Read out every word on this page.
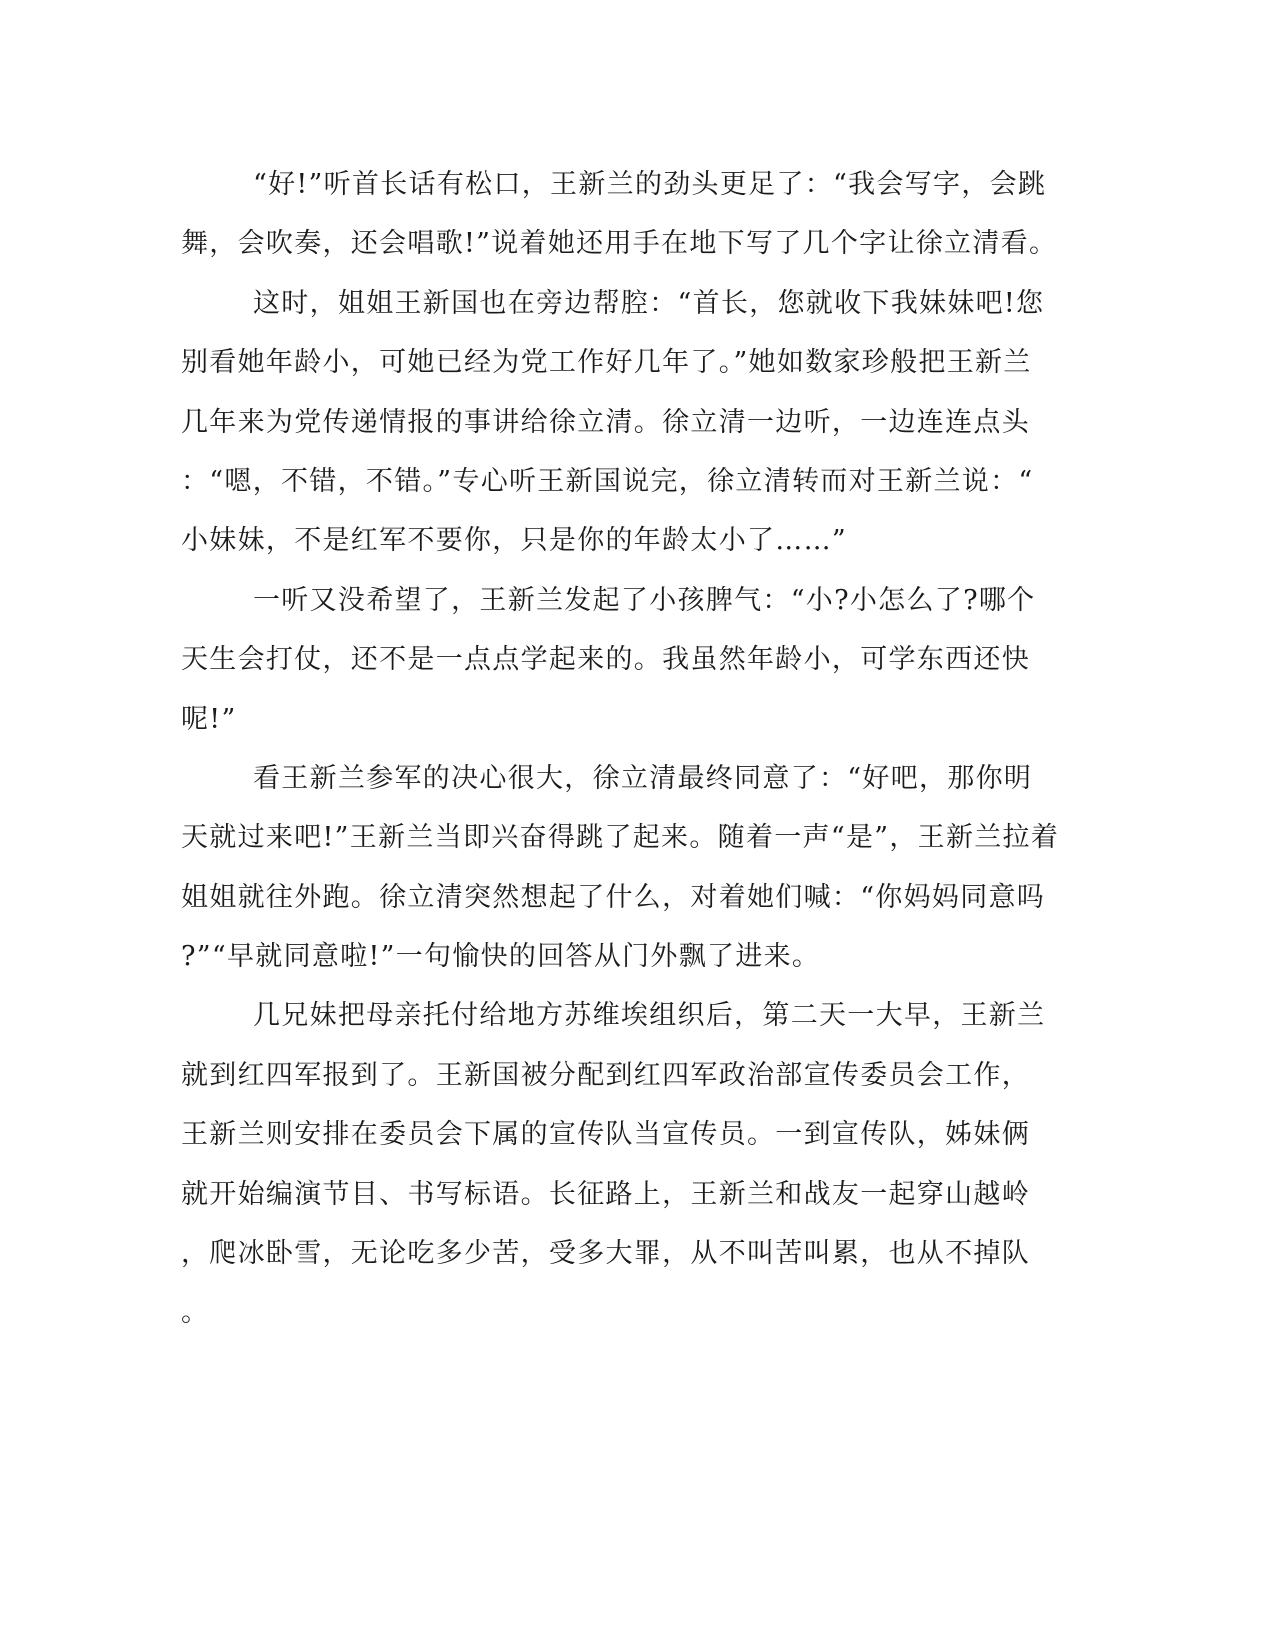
“好!”听首长话有松口，王新兰的劲头更足了：“我会写字，会跳
舞，会吹奏，还会唱歌!”说着她还用手在地下写了几个字让徐立清看。
这时，姐姐王新国也在旁边帮腔：“首长，您就收下我妹妹吧!您
别看她年龄小，可她已经为党工作好几年了。”她如数家珍般把王新兰
几年来为党传递情报的事讲给徐立清。徐立清一边听，一边连连点头
：“嗯，不错，不错。”专心听王新国说完，徐立清转而对王新兰说：“
小妹妹，不是红军不要你，只是你的年龄太小了……”
一听又没希望了，王新兰发起了小孩脾气：“小?小怎么了?哪个
天生会打仗，还不是一点点学起来的。我虽然年龄小，可学东西还快
呢!”
看王新兰参军的决心很大，徐立清最终同意了：“好吧，那你明
天就过来吧!”王新兰当即兴奋得跳了起来。随着一声“是”，王新兰拉着
姐姐就往外跑。徐立清突然想起了什么，对着她们喊：“你妈妈同意吗
?”“早就同意啦!”一句愉快的回答从门外飘了进来。
几兄妹把母亲托付给地方苏维埃组织后，第二天一大早，王新兰
就到红四军报到了。王新国被分配到红四军政治部宣传委员会工作，
王新兰则安排在委员会下属的宣传队当宣传员。一到宣传队，姊妹俩
就开始编演节目、书写标语。长征路上，王新兰和战友一起穿山越岭
，爬冰卧雪，无论吃多少苦，受多大罪，从不叫苦叫累，也从不掉队
。
